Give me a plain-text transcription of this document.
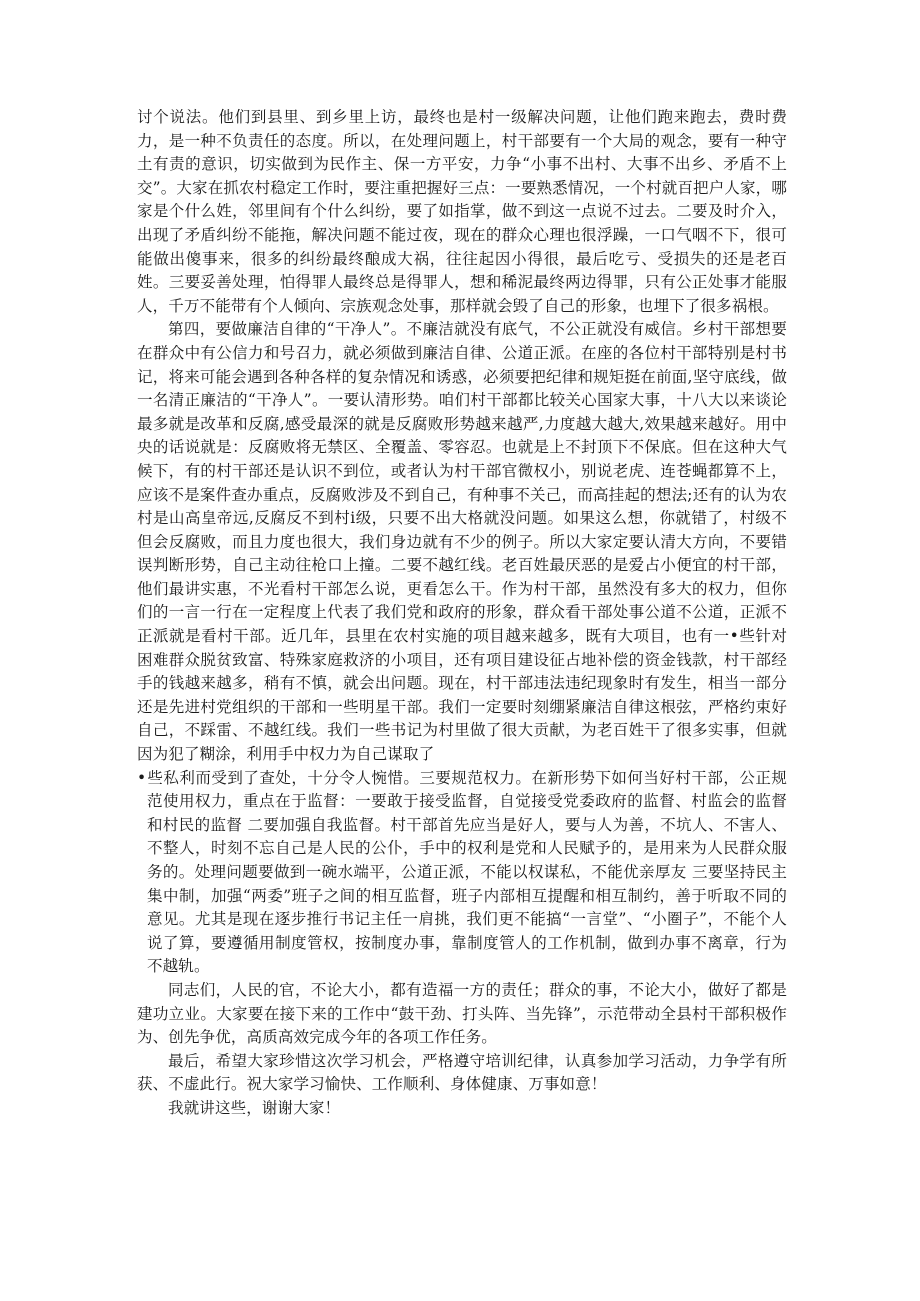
讨个说法。他们到县里、到乡里上访，最终也是村一级解决问题，让他们跑来跑去，费时费力，是一种不负责任的态度。所以，在处理问题上，村干部要有一个大局的观念，要有一种守土有责的意识，切实做到为民作主、保一方平安，力争“小事不出村、大事不出乡、矛盾不上交”。大家在抓农村稳定工作时，要注重把握好三点：一要熟悉情况，一个村就百把户人家，哪家是个什么姓，邻里间有个什么纠纷，要了如指掌，做不到这一点说不过去。二要及时介入，出现了矛盾纠纷不能拖，解决问题不能过夜，现在的群众心理也很浮躁，一口气咽不下，很可能做出傻事来，很多的纠纷最终酿成大祸，往往起因小得很，最后吃亏、受损失的还是老百姓。三要妥善处理，怕得罪人最终总是得罪人，想和稀泥最终两边得罪，只有公正处事才能服人，千万不能带有个人倾向、宗族观念处事，那样就会毁了自己的形象，也埋下了很多祸根。

第四，要做廉洁自律的“干净人”。不廉洁就没有底气，不公正就没有威信。乡村干部想要在群众中有公信力和号召力，就必须做到廉洁自律、公道正派。在座的各位村干部特别是村书记，将来可能会遇到各种各样的复杂情况和诱惑，必须要把纪律和规矩挺在前面,坚守底线，做一名清正廉洁的“干净人”。一要认清形势。咱们村干部都比较关心国家大事，十八大以来谈论最多就是改革和反腐,感受最深的就是反腐败形势越来越严,力度越大越大,效果越来越好。用中央的话说就是：反腐败将无禁区、全覆盖、零容忍。也就是上不封顶下不保底。但在这种大气候下，有的村干部还是认识不到位，或者认为村干部官微权小，别说老虎、连苍蝇都算不上，应该不是案件查办重点，反腐败涉及不到自己，有种事不关己，而高挂起的想法;还有的认为农村是山高皇帝远,反腐反不到村i级，只要不出大格就没问题。如果这么想，你就错了，村级不但会反腐败，而且力度也很大，我们身边就有不少的例子。所以大家定要认清大方向，不要错误判断形势，自己主动往枪口上撞。二要不越红线。老百姓最厌恶的是爱占小便宜的村干部，他们最讲实惠，不光看村干部怎么说，更看怎么干。作为村干部，虽然没有多大的权力，但你们的一言一行在一定程度上代表了我们党和政府的形象，群众看干部处事公道不公道，正派不正派就是看村干部。近几年，县里在农村实施的项目越来越多，既有大项目，也有一•些针对困难群众脱贫致富、特殊家庭救济的小项目，还有项目建设征占地补偿的资金钱款，村干部经手的钱越来越多，稍有不慎，就会出问题。现在，村干部违法违纪现象时有发生，相当一部分还是先进村党组织的干部和一些明星干部。我们一定要时刻绷紧廉洁自律这根弦，严格约束好自己，不踩雷、不越红线。我们一些书记为村里做了很大贡献，为老百姓干了很多实事，但就因为犯了糊涂，利用手中权力为自己谋取了

•些私利而受到了查处，十分令人惋惜。三要规范权力。在新形势下如何当好村干部，公正规范使用权力，重点在于监督：一要敢于接受监督，自觉接受党委政府的监督、村监会的监督和村民的监督 二要加强自我监督。村干部首先应当是好人，要与人为善，不坑人、不害人、不整人，时刻不忘自己是人民的公仆，手中的权利是党和人民赋予的，是用来为人民群众服务的。处理问题要做到一碗水端平，公道正派，不能以权谋私，不能优亲厚友 三要坚持民主集中制，加强“两委”班子之间的相互监督，班子内部相互提醒和相互制约，善于听取不同的意见。尤其是现在逐步推行书记主任一肩挑，我们更不能搞“一言堂”、“小圈子”，不能个人说了算，要遵循用制度管权，按制度办事，靠制度管人的工作机制，做到办事不离章，行为不越轨。

同志们，人民的官，不论大小，都有造福一方的责任；群众的事，不论大小，做好了都是建功立业。大家要在接下来的工作中“鼓干劲、打头阵、当先锋”，示范带动全县村干部积极作为、创先争优，高质高效完成今年的各项工作任务。

最后，希望大家珍惜这次学习机会，严格遵守培训纪律，认真参加学习活动，力争学有所获、不虚此行。祝大家学习愉快、工作顺利、身体健康、万事如意！

我就讲这些，谢谢大家！
